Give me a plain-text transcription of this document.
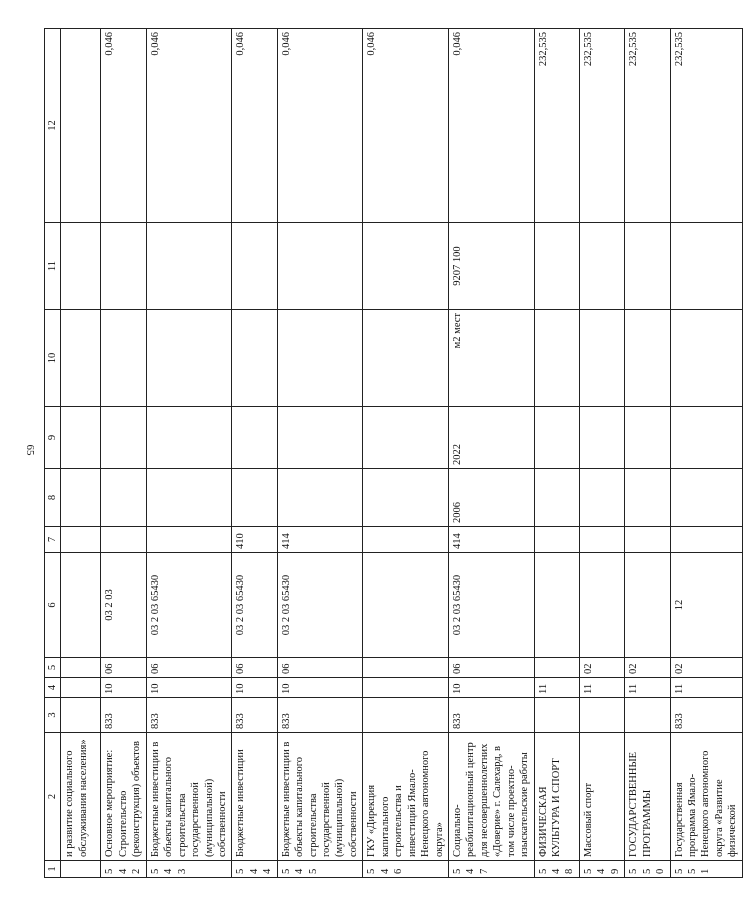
65
1	2	3	4	5	6	7	8	9	10	11	12
	и развитие социального обслуживания населения»										
542	Основное мероприятие: Строительство (реконструкция) объектов	833	10	06	03 2 03						0,046
543	Бюджетные инвестиции в объекты капитального строительства государственной (муниципальной) собственности	833	10	06	03 2 03 65430						0,046
544	Бюджетные инвестиции	833	10	06	03 2 03 65430	410					0,046
545	Бюджетные инвестиции в объекты капитального строительства государственной (муниципальной) собственности	833	10	06	03 2 03 65430	414					0,046
546	ГКУ «Дирекция капитального строительства и инвестиций Ямало-Ненецкого автономного округа»										0,046
547	Социально-реабилитационный центр для несовершеннолетних «Доверие» г. Салехард, в том числе проектно-изыскательские работы	833	10	06	03 2 03 65430	414	2006	2022	м2 мест	9207 100	0,046
548	ФИЗИЧЕСКАЯ КУЛЬТУРА И СПОРТ		11								232,535
549	Массовый спорт		11	02							232,535
550	ГОСУДАРСТВЕННЫЕ ПРОГРАММЫ		11	02							232,535
551	Государственная программа Ямало-Ненецкого автономного округа «Развитие физической	833	11	02	12						232,535
